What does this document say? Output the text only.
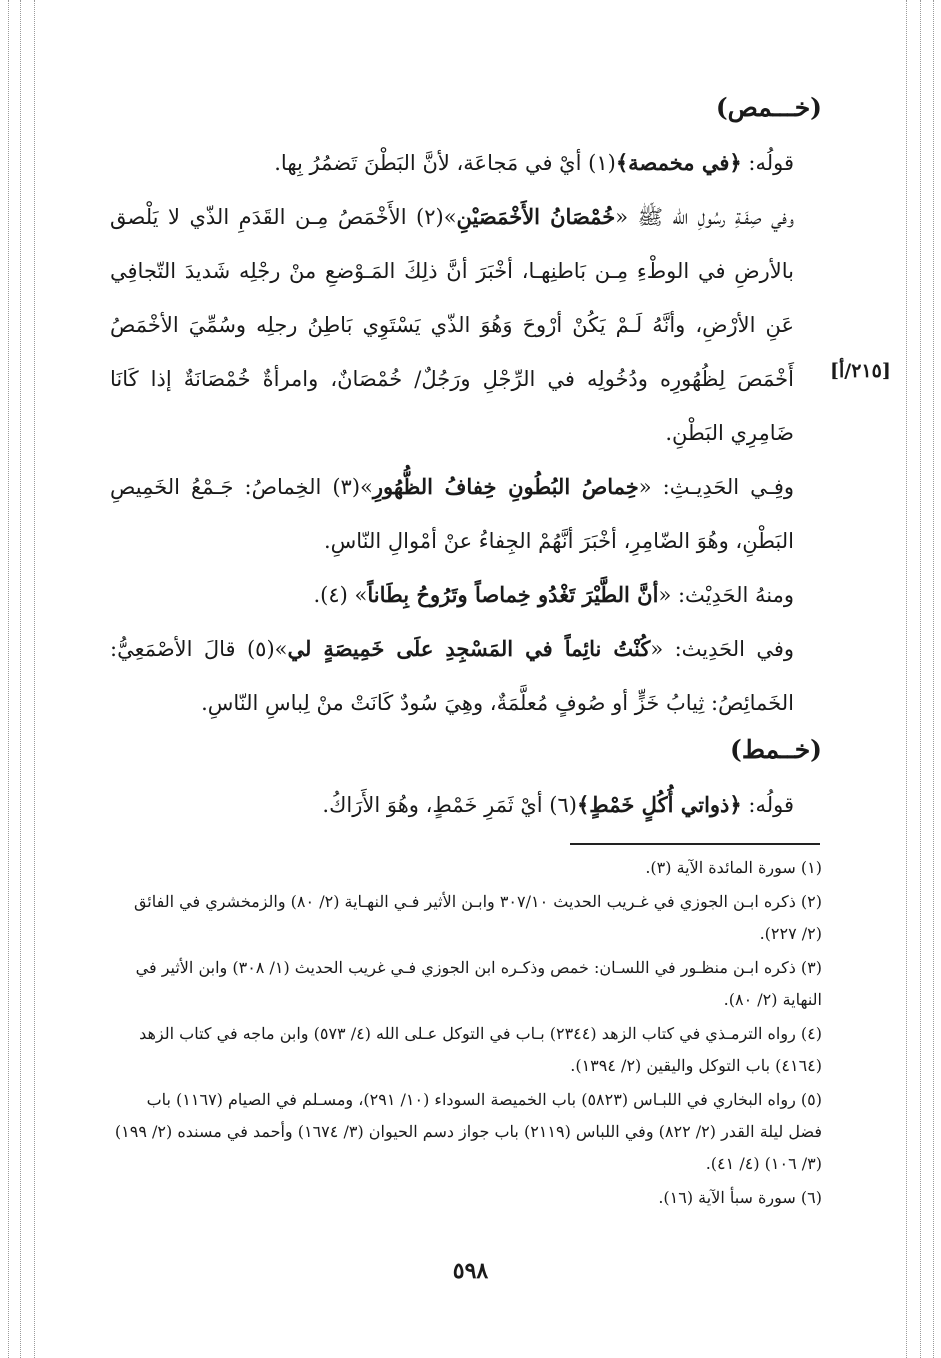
(خـــمص)

قولُه: ﴿في مخمصة﴾(١) أيْ في مَجاعَة، لأنَّ البَطْنَ تَضمُرُ بِها.

وفي صِفَـةِ رسُولِ الله ﷺ «خُمْصَانُ الأَخْمَصَيْنِ»(٢) الأَخْمَصُ مِـن القَدَمِ الذّي لا يَلْصق بالأرضِ في الوطْءِ مِـن بَاطنِهـا، أخْبَرَ أنَّ ذلِكَ المَـوْضعِ منْ رجْلِه شَديدَ التّجافِي عَنِ الأرْضِ، وأنَّهُ لَـمْ يَكُنْ أرْوحَ وَهُوَ الذّي يَسْتَوِي بَاطِنُ رجلِه وسُمِّيَ الأخْمَصُ أَخْمَصَ لِظُهُورِه ودُخُولِه في الرِّجْلِ ورَجُلٌ/ خُمْصَانٌ، وامرأةٌ خُمْصَانَةٌ إذا كَانَا ضَامِرِي البَطْنِ.

وفِـي الحَدِيـثِ: «خِماصُ البُطُونِ خِفافُ الظُّهُورِ»(٣) الخِماصُ: جَـمْعُ الخَمِيصِ البَطْنِ، وهُوَ الضّامِرِ، أخْبَرَ أنَّهُمْ الجِفاءُ عنْ أمْوالِ النّاسِ.

ومنهُ الحَدِيْث: «أنَّ الطَّيْرَ تَغْدُو خِماصاً وتَرُوحُ بِطَاناً» (٤).

وفي الحَدِيث: «كُنْتُ نائِماً في المَسْجِدِ علَى خَمِيصَةٍ لي»(٥) قالَ الأصْمَعِيُّ: الخَمائِصُ: ثِيابُ خَزٍّ أو صُوفٍ مُعلَّمَةٌ، وهِيَ سُودٌ كَانَتْ منْ لِباسِ النّاسِ.

(خــمط)

قولُه: ﴿ذواتي أُكُلٍ خَمْطٍ﴾(٦) أيْ ثَمَرِ خَمْطٍ، وهُوَ الأَرَاكُ.

[٢١٥/أ]

(١) سورة المائدة الآية (٣).

(٢) ذكره ابـن الجوزي في غـريب الحديث ٣٠٧/١٠ وابـن الأثير فـي النهـاية (٢/ ٨٠) والزمخشري في الفائق (٢/ ٢٢٧).

(٣) ذكره ابـن منظـور في اللسـان: خمص وذكـره ابن الجوزي فـي غريب الحديث (١/ ٣٠٨) وابن الأثير في النهاية (٢/ ٨٠).

(٤) رواه الترمـذي في كتاب الزهد (٢٣٤٤) بـاب في التوكل عـلى الله (٤/ ٥٧٣) وابن ماجه في كتاب الزهد (٤١٦٤) باب التوكل واليقين (٢/ ١٣٩٤).

(٥) رواه البخاري في اللبـاس (٥٨٢٣) باب الخميصة السوداء (١٠/ ٢٩١)، ومسـلم في الصيام (١١٦٧) باب فضل ليلة القدر (٢/ ٨٢٢) وفي اللباس (٢١١٩) باب جواز دسم الحيوان (٣/ ١٦٧٤) وأحمد في مسنده (٢/ ١٩٩) (٣/ ١٠٦) (٤/ ٤١).

(٦) سورة سبأ الآية (١٦).

٥٩٨
